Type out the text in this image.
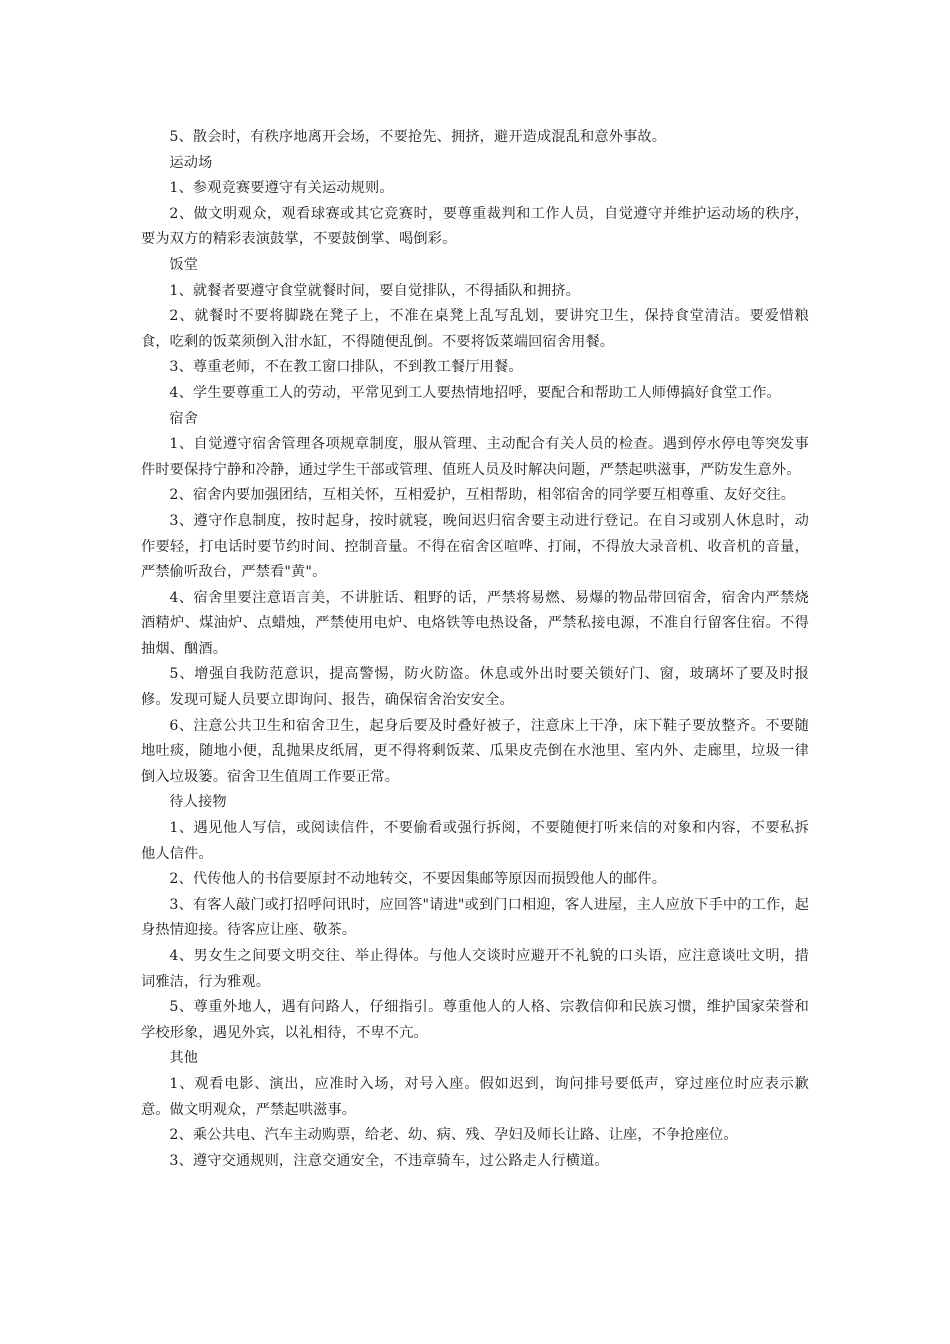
5、散会时，有秩序地离开会场，不要抢先、拥挤，避开造成混乱和意外事故。

运动场

1、参观竞赛要遵守有关运动规则。

2、做文明观众，观看球赛或其它竞赛时，要尊重裁判和工作人员，自觉遵守并维护运动场的秩序，要为双方的精彩表演鼓掌，不要鼓倒掌、喝倒彩。

饭堂

1、就餐者要遵守食堂就餐时间，要自觉排队，不得插队和拥挤。

2、就餐时不要将脚跷在凳子上，不准在桌凳上乱写乱划，要讲究卫生，保持食堂清洁。要爱惜粮食，吃剩的饭菜须倒入泔水缸，不得随便乱倒。不要将饭菜端回宿舍用餐。

3、尊重老师，不在教工窗口排队，不到教工餐厅用餐。

4、学生要尊重工人的劳动，平常见到工人要热情地招呼，要配合和帮助工人师傅搞好食堂工作。

宿舍

1、自觉遵守宿舍管理各项规章制度，服从管理、主动配合有关人员的检查。遇到停水停电等突发事件时要保持宁静和冷静，通过学生干部或管理、值班人员及时解决问题，严禁起哄滋事，严防发生意外。

2、宿舍内要加强团结，互相关怀，互相爱护，互相帮助，相邻宿舍的同学要互相尊重、友好交往。

3、遵守作息制度，按时起身，按时就寝，晚间迟归宿舍要主动进行登记。在自习或别人休息时，动作要轻，打电话时要节约时间、控制音量。不得在宿舍区喧哗、打闹，不得放大录音机、收音机的音量，严禁偷听敌台，严禁看"黄"。

4、宿舍里要注意语言美，不讲脏话、粗野的话，严禁将易燃、易爆的物品带回宿舍，宿舍内严禁烧酒精炉、煤油炉、点蜡烛，严禁使用电炉、电烙铁等电热设备，严禁私接电源，不准自行留客住宿。不得抽烟、酗酒。

5、增强自我防范意识，提高警惕，防火防盗。休息或外出时要关锁好门、窗，玻璃坏了要及时报修。发现可疑人员要立即询问、报告，确保宿舍治安安全。

6、注意公共卫生和宿舍卫生，起身后要及时叠好被子，注意床上干净，床下鞋子要放整齐。不要随地吐痰，随地小便，乱抛果皮纸屑，更不得将剩饭菜、瓜果皮壳倒在水池里、室内外、走廊里，垃圾一律倒入垃圾篓。宿舍卫生值周工作要正常。

待人接物

1、遇见他人写信，或阅读信件，不要偷看或强行拆阅，不要随便打听来信的对象和内容，不要私拆他人信件。

2、代传他人的书信要原封不动地转交，不要因集邮等原因而损毁他人的邮件。

3、有客人敲门或打招呼问讯时，应回答"请进"或到门口相迎，客人进屋，主人应放下手中的工作，起身热情迎接。待客应让座、敬茶。

4、男女生之间要文明交往、举止得体。与他人交谈时应避开不礼貌的口头语，应注意谈吐文明，措词雅洁，行为雅观。

5、尊重外地人，遇有问路人，仔细指引。尊重他人的人格、宗教信仰和民族习惯，维护国家荣誉和学校形象，遇见外宾，以礼相待，不卑不亢。

其他

1、观看电影、演出，应准时入场，对号入座。假如迟到，询问排号要低声，穿过座位时应表示歉意。做文明观众，严禁起哄滋事。

2、乘公共电、汽车主动购票，给老、幼、病、残、孕妇及师长让路、让座，不争抢座位。

3、遵守交通规则，注意交通安全，不违章骑车，过公路走人行横道。
